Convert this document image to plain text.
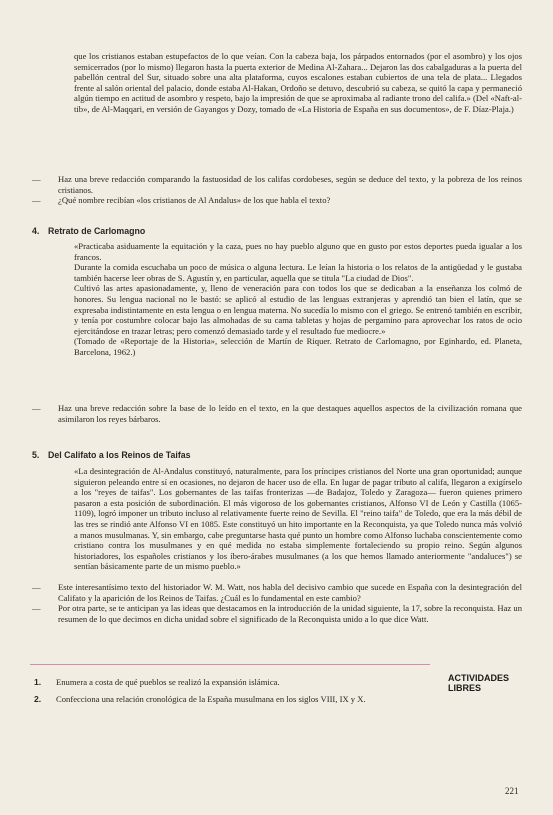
que los cristianos estaban estupefactos de lo que veían. Con la cabeza baja, los párpados entornados (por el asombro) y los ojos semicerrados (por lo mismo) llegaron hasta la puerta exterior de Medina Al-Zahara... Dejaron las dos cabalgaduras a la puerta del pabellón central del Sur, situado sobre una alta plataforma, cuyos escalones estaban cubiertos de una tela de plata... Llegados frente al salón oriental del palacio, donde estaba Al-Hakan, Ordoño se detuvo, descubrió su cabeza, se quitó la capa y permaneció algún tiempo en actitud de asombro y respeto, bajo la impresión de que se aproximaba al radiante trono del califa.» (Del «Naft-al-tib», de Al-Maqqari, en versión de Gayangos y Dozy, tomado de «La Historia de España en sus documentos», de F. Díaz-Plaja.)

—	Haz una breve redacción comparando la fastuosidad de los califas cordobeses, según se deduce del texto, y la pobreza de los reinos cristianos.
—	¿Qué nombre recibían «los cristianos de Al Andalus» de los que habla el texto?
4. Retrato de Carlomagno

«Practicaba asiduamente la equitación y la caza, pues no hay pueblo alguno que en gusto por estos deportes pueda igualar a los francos.

Durante la comida escuchaba un poco de música o alguna lectura. Le leían la historia o los relatos de la antigüedad y le gustaba también hacerse leer obras de S. Agustín y, en particular, aquella que se titula "La ciudad de Dios".

Cultivó las artes apasionadamente, y, lleno de veneración para con todos los que se dedicaban a la enseñanza los colmó de honores. Su lengua nacional no le bastó: se aplicó al estudio de las lenguas extranjeras y aprendió tan bien el latín, que se expresaba indistintamente en esta lengua o en lengua materna. No sucedía lo mismo con el griego. Se entrenó también en escribir, y tenía por costumbre colocar bajo las almohadas de su cama tabletas y hojas de pergamino para aprovechar los ratos de ocio ejercitándose en trazar letras; pero comenzó demasiado tarde y el resultado fue mediocre.»

(Tomado de «Reportaje de la Historia», selección de Martín de Riquer. Retrato de Carlomagno, por Eginhardo, ed. Planeta, Barcelona, 1962.)

—	Haz una breve redacción sobre la base de lo leído en el texto, en la que destaques aquellos aspectos de la civilización romana que asimilaron los reyes bárbaros.
5. Del Califato a los Reinos de Taifas

«La desintegración de Al-Andalus constituyó, naturalmente, para los príncipes cristianos del Norte una gran oportunidad; aunque siguieron peleando entre sí en ocasiones, no dejaron de hacer uso de ella. En lugar de pagar tributo al califa, llegaron a exigírselo a los "reyes de taifas". Los gobernantes de las taifas fronterizas —de Badajoz, Toledo y Zaragoza— fueron quienes primero pasaron a esta posición de subordinación. El más vigoroso de los gobernantes cristianos, Alfonso VI de León y Castilla (1065-1109), logró imponer un tributo incluso al relativamente fuerte reino de Sevilla. El "reino taifa" de Toledo, que era la más débil de las tres se rindió ante Alfonso VI en 1085. Este constituyó un hito importante en la Reconquista, ya que Toledo nunca más volvió a manos musulmanas. Y, sin embargo, cabe preguntarse hasta qué punto un hombre como Alfonso luchaba conscientemente como cristiano contra los musulmanes y en qué medida no estaba simplemente fortaleciendo su propio reino. Según algunos historiadores, los españoles cristianos y los íbero-árabes musulmanes (a los que hemos llamado anteriormente "andaluces") se sentían básicamente parte de un mismo pueblo.»

—	Este interesantísimo texto del historiador W. M. Watt, nos habla del decisivo cambio que sucede en España con la desintegración del Califato y la aparición de los Reinos de Taifas. ¿Cuál es lo fundamental en este cambio?
—	Por otra parte, se te anticipan ya las ideas que destacamos en la introducción de la unidad siguiente, la 17, sobre la reconquista. Haz un resumen de lo que decimos en dicha unidad sobre el significado de la Reconquista unido a lo que dice Watt.
1.	Enumera a costa de qué pueblos se realizó la expansión islámica.
2.	Confecciona una relación cronológica de la España musulmana en los siglos VIII, IX y X.
ACTIVIDADES LIBRES
221
